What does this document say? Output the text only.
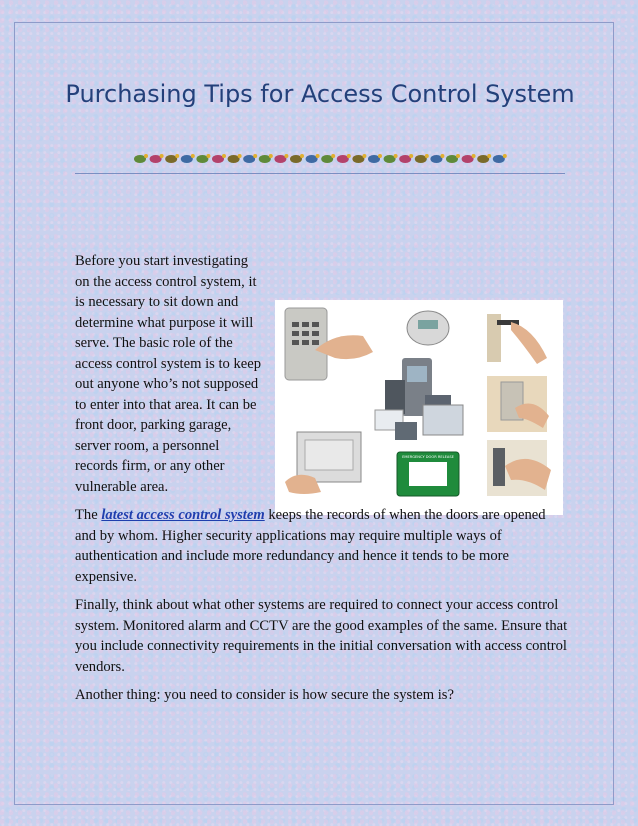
Purchasing Tips for Access Control System
EMERGENCY DOOR RELEASE

Before you start investigating on the access control system, it is necessary to sit down and determine what purpose it will serve. The basic role of the access control system is to keep out anyone who’s not supposed to enter into that area. It can be front door, parking garage, server room, a personnel records firm, or any other vulnerable area.

The latest access control system keeps the records of when the doors are opened and by whom. Higher security applications may require multiple ways of authentication and include more redundancy and hence it tends to be more expensive.

Finally, think about what other systems are required to connect your access control system. Monitored alarm and CCTV are the good examples of the same. Ensure that you include connectivity requirements in the initial conversation with access control vendors.

Another thing: you need to consider is how secure the system is?
